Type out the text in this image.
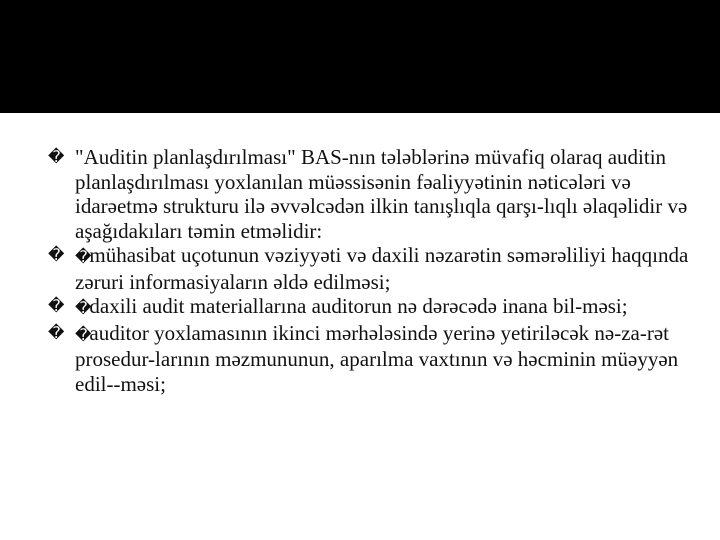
� "Auditin planlaşdırılması" BAS-nın tələblərinə müvafiq olaraq auditin planlaşdırılması yoxlanılan müəssisənin fəaliyyətinin nəticələri və idarəetmə strukturu ilə əvvəlcədən ilkin tanışlıqla qarşı-lıqlı əlaqəlidir və aşağıdakıları təmin etməlidir:
� � mühasibat uçotunun vəziyyəti və daxili nəzarətin səmərəliliyi haqqında zəruri informasiyaların əldə edilməsi;
� � daxili audit materiallarına auditorun nə dərəcədə inana bil-məsi;
� � auditor yoxlamasının ikinci mərhələsində yerinə yetiriləcək nə-za-rət prosedur-larının məzmununun, aparılma vaxtının və həcminin müəyyən edil--məsi;
